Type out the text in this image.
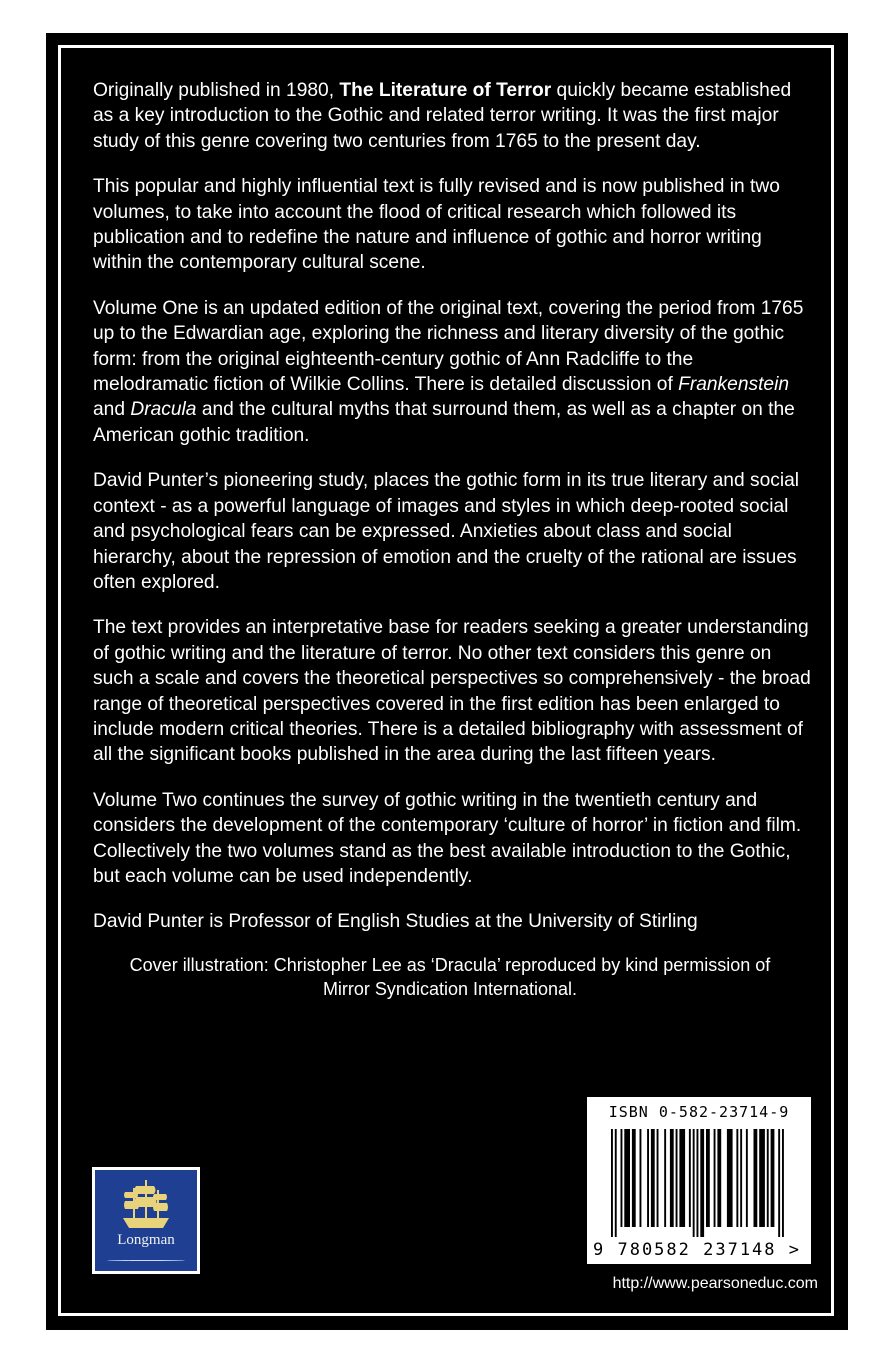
Originally published in 1980, The Literature of Terror quickly became established as a key introduction to the Gothic and related terror writing. It was the first major study of this genre covering two centuries from 1765 to the present day.

This popular and highly influential text is fully revised and is now published in two volumes, to take into account the flood of critical research which followed its publication and to redefine the nature and influence of gothic and horror writing within the contemporary cultural scene.

Volume One is an updated edition of the original text, covering the period from 1765 up to the Edwardian age, exploring the richness and literary diversity of the gothic form: from the original eighteenth-century gothic of Ann Radcliffe to the melodramatic fiction of Wilkie Collins. There is detailed discussion of Frankenstein and Dracula and the cultural myths that surround them, as well as a chapter on the American gothic tradition.

David Punter’s pioneering study, places the gothic form in its true literary and social context - as a powerful language of images and styles in which deep-rooted social and psychological fears can be expressed. Anxieties about class and social hierarchy, about the repression of emotion and the cruelty of the rational are issues often explored.

The text provides an interpretative base for readers seeking a greater understanding of gothic writing and the literature of terror. No other text considers this genre on such a scale and covers the theoretical perspectives so comprehensively - the broad range of theoretical perspectives covered in the first edition has been enlarged to include modern critical theories. There is a detailed bibliography with assessment of all the significant books published in the area during the last fifteen years.

Volume Two continues the survey of gothic writing in the twentieth century and considers the development of the contemporary ‘culture of horror’ in fiction and film. Collectively the two volumes stand as the best available introduction to the Gothic, but each volume can be used independently.

David Punter is Professor of English Studies at the University of Stirling

Cover illustration: Christopher Lee as ‘Dracula’ reproduced by kind permission of
Mirror Syndication International.

Longman
ISBN 0-582-23714-9
9 780582 237148 >
http://www.pearsoneduc.com
